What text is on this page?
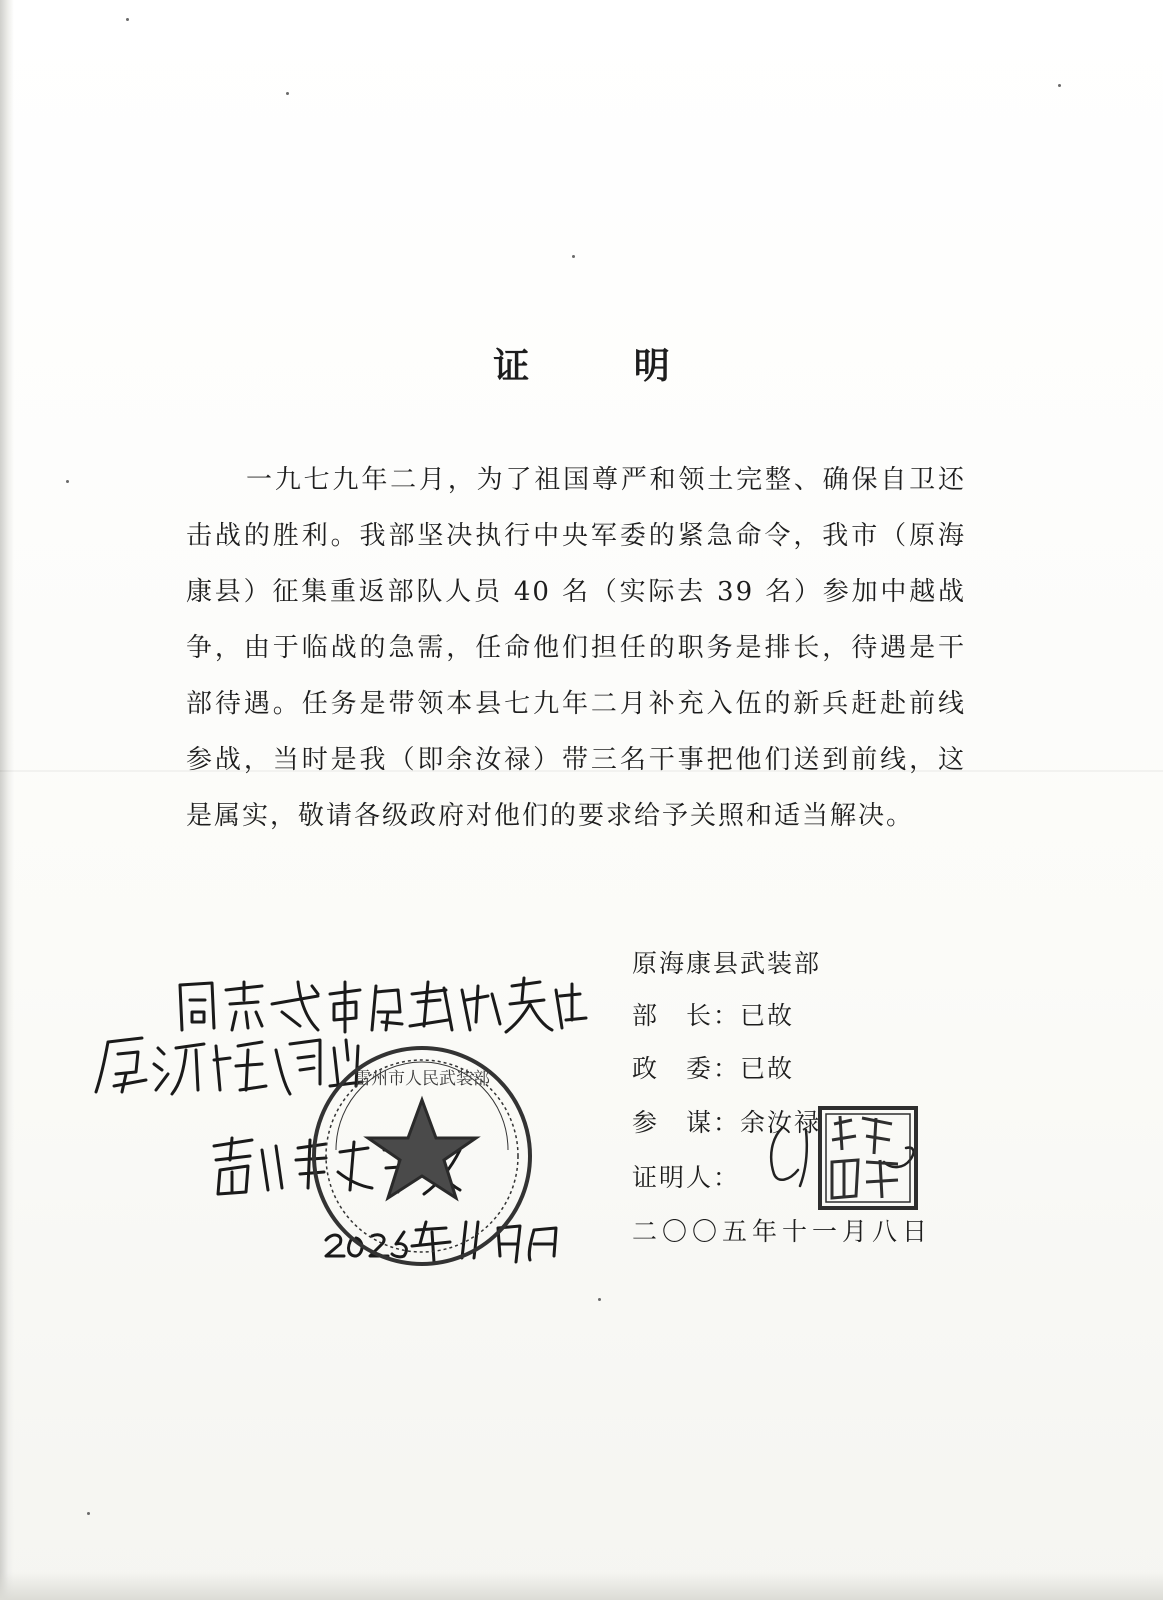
证 明
一九七九年二月，为了祖国尊严和领土完整、确保自卫还击战的胜利。我部坚决执行中央军委的紧急命令，我市（原海康县）征集重返部队人员 40 名（实际去 39 名）参加中越战争，由于临战的急需，任命他们担任的职务是排长，待遇是干部待遇。任务是带领本县七九年二月补充入伍的新兵赶赴前线参战，当时是我（即余汝禄）带三名干事把他们送到前线，这是属实，敬请各级政府对他们的要求给予关照和适当解决。
原海康县武装部
部　长：已故
政　委：已故
参　谋：余汝禄
证明人：
二〇〇五年十一月八日
雷州市人民武装部
